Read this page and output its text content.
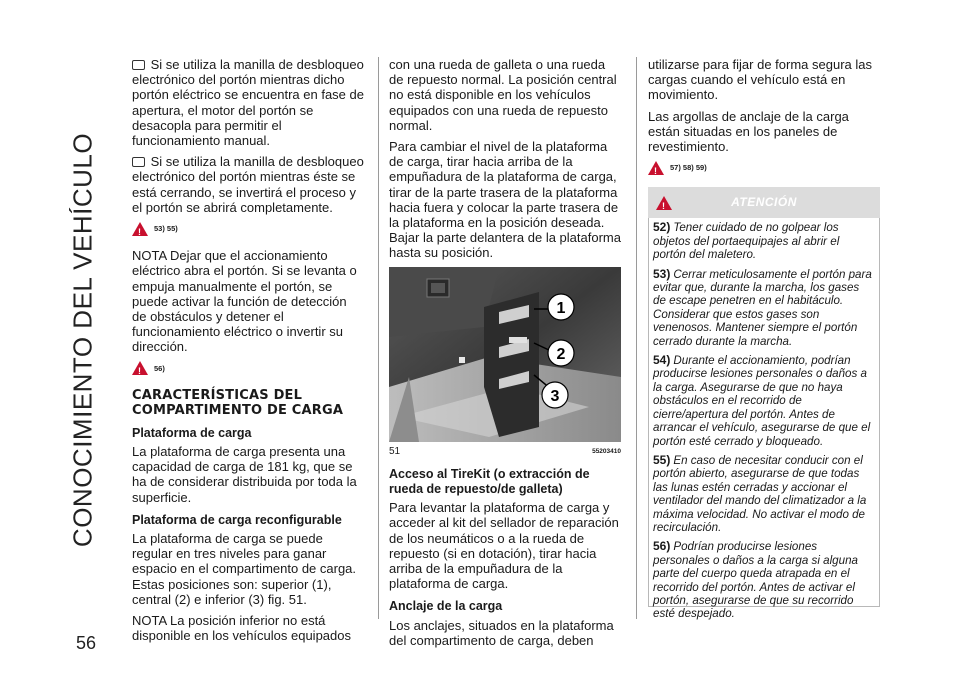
CONOCIMIENTO DEL VEHÍCULO
56

Si se utiliza la manilla de desbloqueo electrónico del portón mientras dicho portón eléctrico se encuentra en fase de apertura, el motor del portón se desacopla para permitir el funcionamiento manual.

Si se utiliza la manilla de desbloqueo electrónico del portón mientras éste se está cerrando, se invertirá el proceso y el portón se abrirá completamente.

! 53) 55)

NOTA Dejar que el accionamiento eléctrico abra el portón. Si se levanta o empuja manualmente el portón, se puede activar la función de detección de obstáculos y detener el funcionamiento eléctrico o invertir su dirección.

! 56)
CARACTERÍSTICAS DEL
COMPARTIMENTO DE CARGA
Plataforma de carga

La plataforma de carga presenta una capacidad de carga de 181 kg, que se ha de considerar distribuida por toda la superficie.

Plataforma de carga reconfigurable

La plataforma de carga se puede regular en tres niveles para ganar espacio en el compartimento de carga. Estas posiciones son: superior (1), central (2) e inferior (3) fig. 51.

NOTA La posición inferior no está disponible en los vehículos equipados

con una rueda de galleta o una rueda de repuesto normal. La posición central no está disponible en los vehículos equipados con una rueda de repuesto normal.

Para cambiar el nivel de la plataforma de carga, tirar hacia arriba de la empuñadura de la plataforma de carga, tirar de la parte trasera de la plataforma hacia fuera y colocar la parte trasera de la plataforma en la posición deseada. Bajar la parte delantera de la plataforma hasta su posición.

1
2
3
51	55203410
Acceso al TireKit (o extracción de rueda de repuesto/de galleta)

Para levantar la plataforma de carga y acceder al kit del sellador de reparación de los neumáticos o a la rueda de repuesto (si en dotación), tirar hacia arriba de la empuñadura de la plataforma de carga.

Anclaje de la carga

Los anclajes, situados en la plataforma del compartimento de carga, deben

utilizarse para fijar de forma segura las cargas cuando el vehículo está en movimiento.

Las argollas de anclaje de la carga están situadas en los paneles de revestimiento.

! 57) 58) 59)
!	ATENCIÓN

52) Tener cuidado de no golpear los objetos del portaequipajes al abrir el portón del maletero.

53) Cerrar meticulosamente el portón para evitar que, durante la marcha, los gases de escape penetren en el habitáculo. Considerar que estos gases son venenosos. Mantener siempre el portón cerrado durante la marcha.

54) Durante el accionamiento, podrían producirse lesiones personales o daños a la carga. Asegurarse de que no haya obstáculos en el recorrido de cierre/apertura del portón. Antes de arrancar el vehículo, asegurarse de que el portón esté cerrado y bloqueado.

55) En caso de necesitar conducir con el portón abierto, asegurarse de que todas las lunas estén cerradas y accionar el ventilador del mando del climatizador a la máxima velocidad. No activar el modo de recirculación.

56) Podrían producirse lesiones personales o daños a la carga si alguna parte del cuerpo queda atrapada en el recorrido del portón. Antes de activar el portón, asegurarse de que su recorrido esté despejado.
